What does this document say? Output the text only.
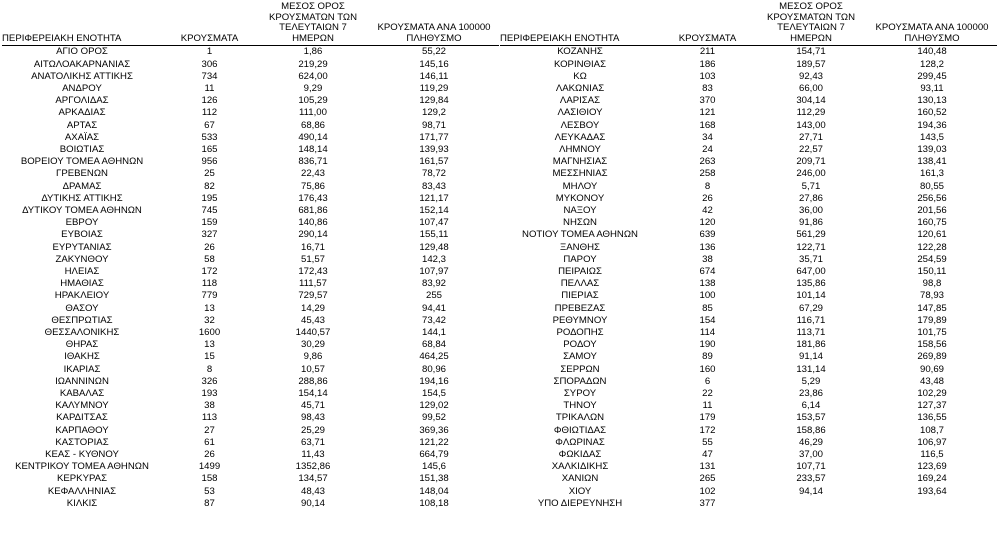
ΠΕΡΙΦΕΡΕΙΑΚΗ ΕΝΟΤΗΤΑ	ΚΡΟΥΣΜΑΤΑ	ΜΕΣΟΣ ΟΡΟΣ ΚΡΟΥΣΜΑΤΩΝ ΤΩΝ ΤΕΛΕΥΤΑΙΩΝ 7 ΗΜΕΡΩΝ	ΚΡΟΥΣΜΑΤΑ ΑΝΑ 100000 ΠΛΗΘΥΣΜΟ
ΑΓΙΟ ΟΡΟΣ	1	1,86	55,22
ΑΙΤΩΛΟΑΚΑΡΝΑΝΙΑΣ	306	219,29	145,16
ΑΝΑΤΟΛΙΚΗΣ ΑΤΤΙΚΗΣ	734	624,00	146,11
ΑΝΔΡΟΥ	11	9,29	119,29
ΑΡΓΟΛΙΔΑΣ	126	105,29	129,84
ΑΡΚΑΔΙΑΣ	112	111,00	129,2
ΑΡΤΑΣ	67	68,86	98,71
ΑΧΑΪΑΣ	533	490,14	171,77
ΒΟΙΩΤΙΑΣ	165	148,14	139,93
ΒΟΡΕΙΟΥ ΤΟΜΕΑ ΑΘΗΝΩΝ	956	836,71	161,57
ΓΡΕΒΕΝΩΝ	25	22,43	78,72
ΔΡΑΜΑΣ	82	75,86	83,43
ΔΥΤΙΚΗΣ ΑΤΤΙΚΗΣ	195	176,43	121,17
ΔΥΤΙΚΟΥ ΤΟΜΕΑ ΑΘΗΝΩΝ	745	681,86	152,14
ΕΒΡΟΥ	159	140,86	107,47
ΕΥΒΟΙΑΣ	327	290,14	155,11
ΕΥΡΥΤΑΝΙΑΣ	26	16,71	129,48
ΖΑΚΥΝΘΟΥ	58	51,57	142,3
ΗΛΕΙΑΣ	172	172,43	107,97
ΗΜΑΘΙΑΣ	118	111,57	83,92
ΗΡΑΚΛΕΙΟΥ	779	729,57	255
ΘΑΣΟΥ	13	14,29	94,41
ΘΕΣΠΡΩΤΙΑΣ	32	45,43	73,42
ΘΕΣΣΑΛΟΝΙΚΗΣ	1600	1440,57	144,1
ΘΗΡΑΣ	13	30,29	68,84
ΙΘΑΚΗΣ	15	9,86	464,25
ΙΚΑΡΙΑΣ	8	10,57	80,96
ΙΩΑΝΝΙΝΩΝ	326	288,86	194,16
ΚΑΒΑΛΑΣ	193	154,14	154,5
ΚΑΛΥΜΝΟΥ	38	45,71	129,02
ΚΑΡΔΙΤΣΑΣ	113	98,43	99,52
ΚΑΡΠΑΘΟΥ	27	25,29	369,36
ΚΑΣΤΟΡΙΑΣ	61	63,71	121,22
ΚΕΑΣ - ΚΥΘΝΟΥ	26	11,43	664,79
ΚΕΝΤΡΙΚΟΥ ΤΟΜΕΑ ΑΘΗΝΩΝ	1499	1352,86	145,6
ΚΕΡΚΥΡΑΣ	158	134,57	151,38
ΚΕΦΑΛΛΗΝΙΑΣ	53	48,43	148,04
ΚΙΛΚΙΣ	87	90,14	108,18
ΠΕΡΙΦΕΡΕΙΑΚΗ ΕΝΟΤΗΤΑ	ΚΡΟΥΣΜΑΤΑ	ΜΕΣΟΣ ΟΡΟΣ ΚΡΟΥΣΜΑΤΩΝ ΤΩΝ ΤΕΛΕΥΤΑΙΩΝ 7 ΗΜΕΡΩΝ	ΚΡΟΥΣΜΑΤΑ ΑΝΑ 100000 ΠΛΗΘΥΣΜΟ
ΚΟΖΑΝΗΣ	211	154,71	140,48
ΚΟΡΙΝΘΙΑΣ	186	189,57	128,2
ΚΩ	103	92,43	299,45
ΛΑΚΩΝΙΑΣ	83	66,00	93,11
ΛΑΡΙΣΑΣ	370	304,14	130,13
ΛΑΣΙΘΙΟΥ	121	112,29	160,52
ΛΕΣΒΟΥ	168	143,00	194,36
ΛΕΥΚΑΔΑΣ	34	27,71	143,5
ΛΗΜΝΟΥ	24	22,57	139,03
ΜΑΓΝΗΣΙΑΣ	263	209,71	138,41
ΜΕΣΣΗΝΙΑΣ	258	246,00	161,3
ΜΗΛΟΥ	8	5,71	80,55
ΜΥΚΟΝΟΥ	26	27,86	256,56
ΝΑΞΟΥ	42	36,00	201,56
ΝΗΣΩΝ	120	91,86	160,75
ΝΟΤΙΟΥ ΤΟΜΕΑ ΑΘΗΝΩΝ	639	561,29	120,61
ΞΑΝΘΗΣ	136	122,71	122,28
ΠΑΡΟΥ	38	35,71	254,59
ΠΕΙΡΑΙΩΣ	674	647,00	150,11
ΠΕΛΛΑΣ	138	135,86	98,8
ΠΙΕΡΙΑΣ	100	101,14	78,93
ΠΡΕΒΕΖΑΣ	85	67,29	147,85
ΡΕΘΥΜΝΟΥ	154	116,71	179,89
ΡΟΔΟΠΗΣ	114	113,71	101,75
ΡΟΔΟΥ	190	181,86	158,56
ΣΑΜΟΥ	89	91,14	269,89
ΣΕΡΡΩΝ	160	131,14	90,69
ΣΠΟΡΑΔΩΝ	6	5,29	43,48
ΣΥΡΟΥ	22	23,86	102,29
ΤΗΝΟΥ	11	6,14	127,37
ΤΡΙΚΑΛΩΝ	179	153,57	136,55
ΦΘΙΩΤΙΔΑΣ	172	158,86	108,7
ΦΛΩΡΙΝΑΣ	55	46,29	106,97
ΦΩΚΙΔΑΣ	47	37,00	116,5
ΧΑΛΚΙΔΙΚΗΣ	131	107,71	123,69
ΧΑΝΙΩΝ	265	233,57	169,24
ΧΙΟΥ	102	94,14	193,64
ΥΠΟ ΔΙΕΡΕΥΝΗΣΗ	377		
